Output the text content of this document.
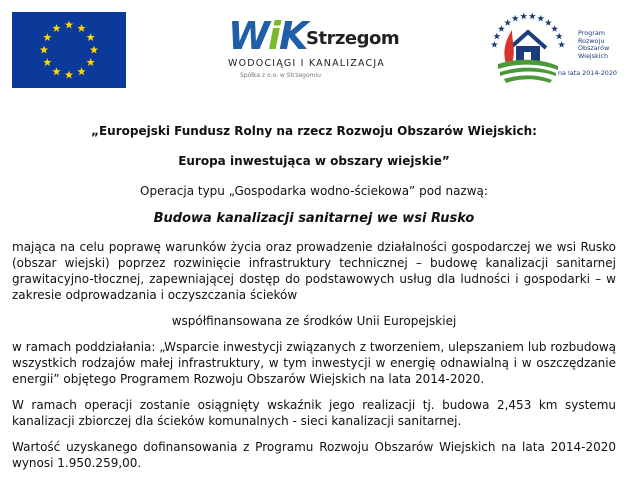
WiK Strzegom
WODOCIĄGI I KANALIZACJA
Spółka z o.o. w Strzegomiu
Program
Rozwoju
Obszarów
Wiejskich
na lata 2014-2020
„Europejski Fundusz Rolny na rzecz Rozwoju Obszarów Wiejskich:
Europa inwestująca w obszary wiejskie”
Operacja typu „Gospodarka wodno-ściekowa” pod nazwą:
Budowa kanalizacji sanitarnej we wsi Rusko
mająca na celu poprawę warunków życia oraz prowadzenie działalności gospodarczej we wsi Rusko (obszar wiejski) poprzez rozwinięcie infrastruktury technicznej – budowę kanalizacji sanitarnej grawitacyjno-tłocznej, zapewniającej dostęp do podstawowych usług dla ludności i gospodarki – w zakresie odprowadzania i oczyszczania ścieków
współfinansowana ze środków Unii Europejskiej
w ramach poddziałania: „Wsparcie inwestycji związanych z tworzeniem, ulepszaniem lub rozbudową wszystkich rodzajów małej infrastruktury, w tym inwestycji w energię odnawialną i w oszczędzanie energii” objętego Programem Rozwoju Obszarów Wiejskich na lata 2014-2020.
W ramach operacji zostanie osiągnięty wskaźnik jego realizacji tj. budowa 2,453 km systemu kanalizacji zbiorczej dla ścieków komunalnych - sieci kanalizacji sanitarnej.
Wartość uzyskanego dofinansowania z Programu Rozwoju Obszarów Wiejskich na lata 2014-2020 wynosi 1.950.259,00.
